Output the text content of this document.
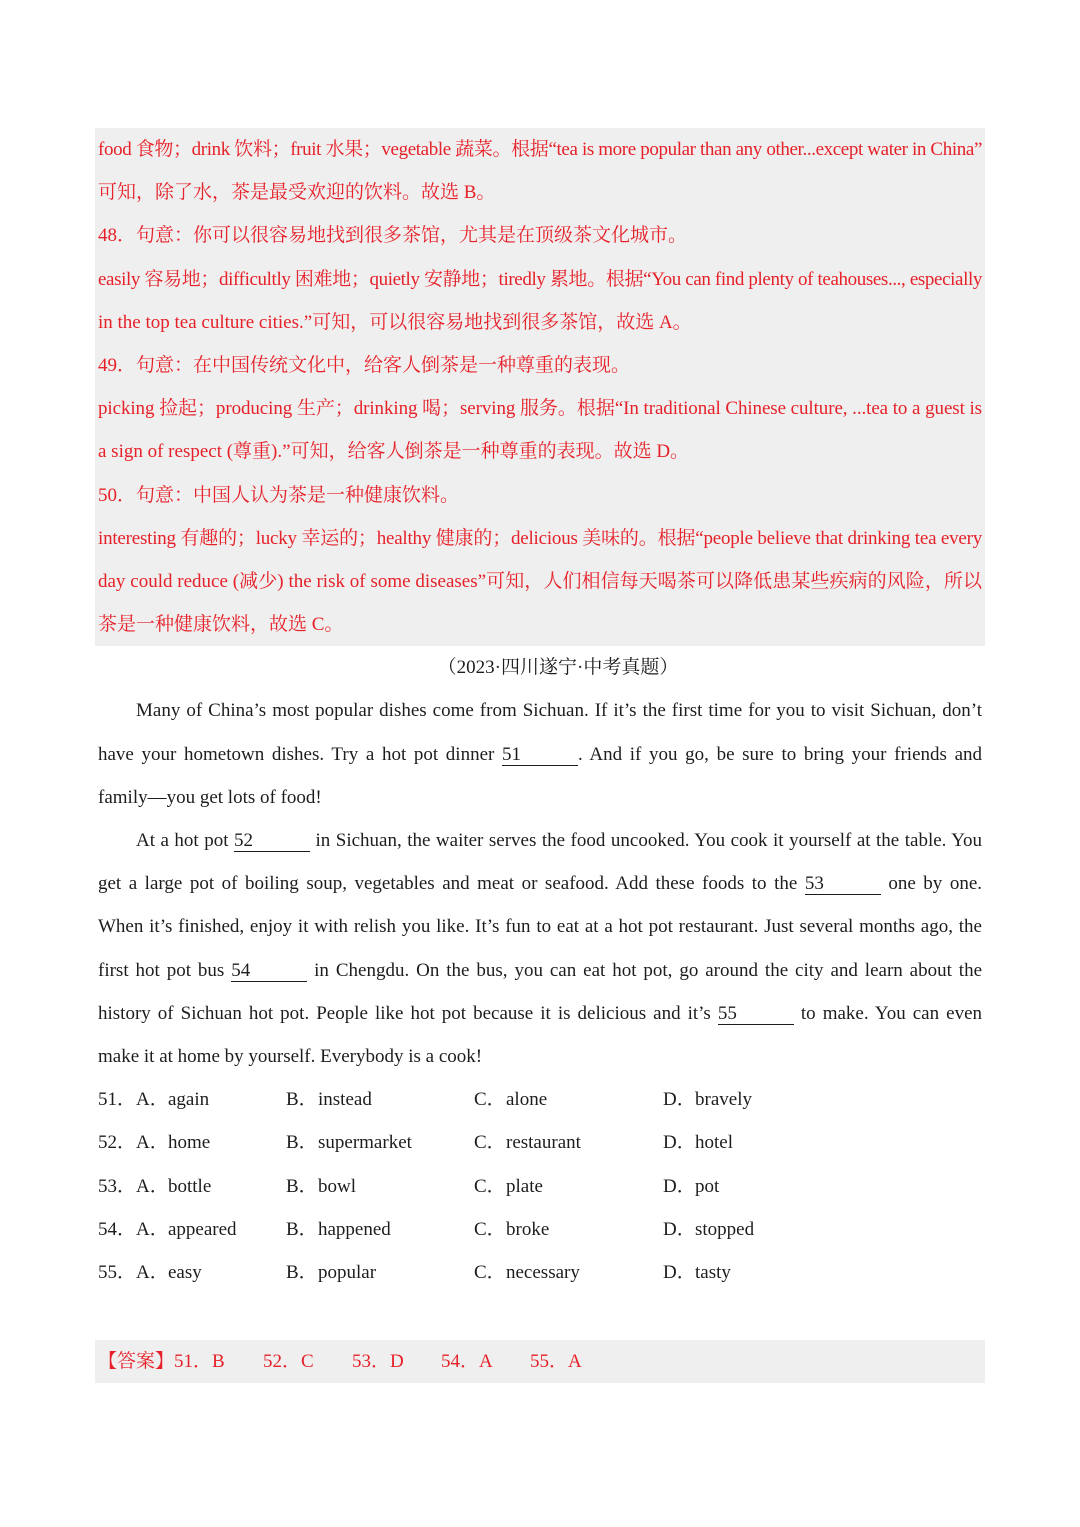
food 食物；drink 饮料；fruit 水果；vegetable 蔬菜。根据“tea is more popular than any other...except water in China”
可知，除了水，茶是最受欢迎的饮料。故选 B。
48．句意：你可以很容易地找到很多茶馆，尤其是在顶级茶文化城市。
easily 容易地；difficultly 困难地；quietly 安静地；tiredly 累地。根据“You can find plenty of teahouses..., especially
in the top tea culture cities.”可知，可以很容易地找到很多茶馆，故选 A。
49．句意：在中国传统文化中，给客人倒茶是一种尊重的表现。
picking 捡起；producing 生产；drinking 喝；serving 服务。根据“In traditional Chinese culture, ...tea to a guest is
a sign of respect (尊重).”可知，给客人倒茶是一种尊重的表现。故选 D。
50．句意：中国人认为茶是一种健康饮料。
interesting 有趣的；lucky 幸运的；healthy 健康的；delicious 美味的。根据“people believe that drinking tea every
day could reduce (减少) the risk of some diseases”可知，人们相信每天喝茶可以降低患某些疾病的风险，所以
茶是一种健康饮料，故选 C。
（2023·四川遂宁·中考真题）
Many of China’s most popular dishes come from Sichuan. If it’s the first time for you to visit Sichuan, don’t
have your hometown dishes. Try a hot pot dinner 51	. And if you go, be sure to bring your friends and
family—you get lots of food!
At a hot pot 52	in Sichuan, the waiter serves the food uncooked. You cook it yourself at the table. You
get a large pot of boiling soup, vegetables and meat or seafood. Add these foods to the 53	one by one.
When it’s finished, enjoy it with relish you like. It’s fun to eat at a hot pot restaurant. Just several months ago, the
first hot pot bus 54	in Chengdu. On the bus, you can eat hot pot, go around the city and learn about the
history of Sichuan hot pot. People like hot pot because it is delicious and it’s 55	to make. You can even
make it at home by yourself. Everybody is a cook!
51． A． again	B． instead	C． alone	D． bravely
52． A． home	B． supermarket	C． restaurant	D． hotel
53． A． bottle	B． bowl	C． plate	D． pot
54． A． appeared	B． happened	C． broke	D． stopped
55． A． easy	B． popular	C． necessary	D． tasty
【答案】51．B 52．C 53．D 54．A 55．A
